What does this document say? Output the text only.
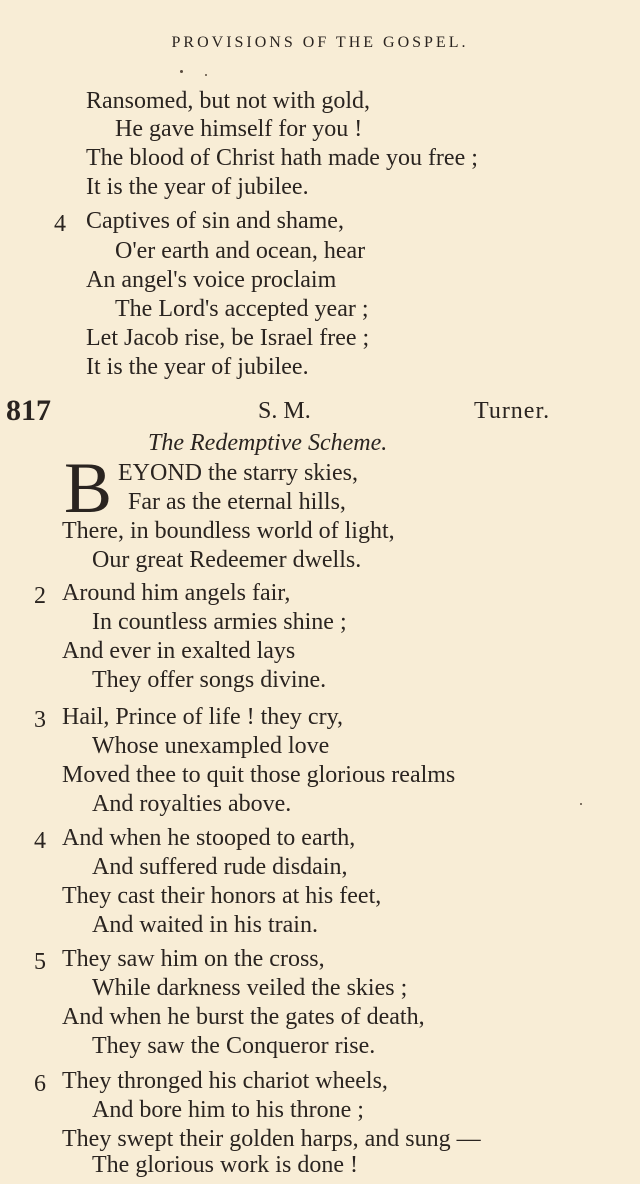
PROVISIONS OF THE GOSPEL.
Ransomed, but not with gold,
He gave himself for you !
The blood of Christ hath made you free ;
It is the year of jubilee.
4 Captives of sin and shame,
O'er earth and ocean, hear
An angel's voice proclaim
The Lord's accepted year ;
Let Jacob rise, be Israel free ;
It is the year of jubilee.
817	S. M.	Turner.
The Redemptive Scheme.
B EYOND the starry skies,
Far as the eternal hills,
There, in boundless world of light,
Our great Redeemer dwells.
2 Around him angels fair,
In countless armies shine ;
And ever in exalted lays
They offer songs divine.
3 Hail, Prince of life ! they cry,
Whose unexampled love
Moved thee to quit those glorious realms
And royalties above.
4 And when he stooped to earth,
And suffered rude disdain,
They cast their honors at his feet,
And waited in his train.
5 They saw him on the cross,
While darkness veiled the skies ;
And when he burst the gates of death,
They saw the Conqueror rise.
6 They thronged his chariot wheels,
And bore him to his throne ;
They swept their golden harps, and sung —
The glorious work is done !
